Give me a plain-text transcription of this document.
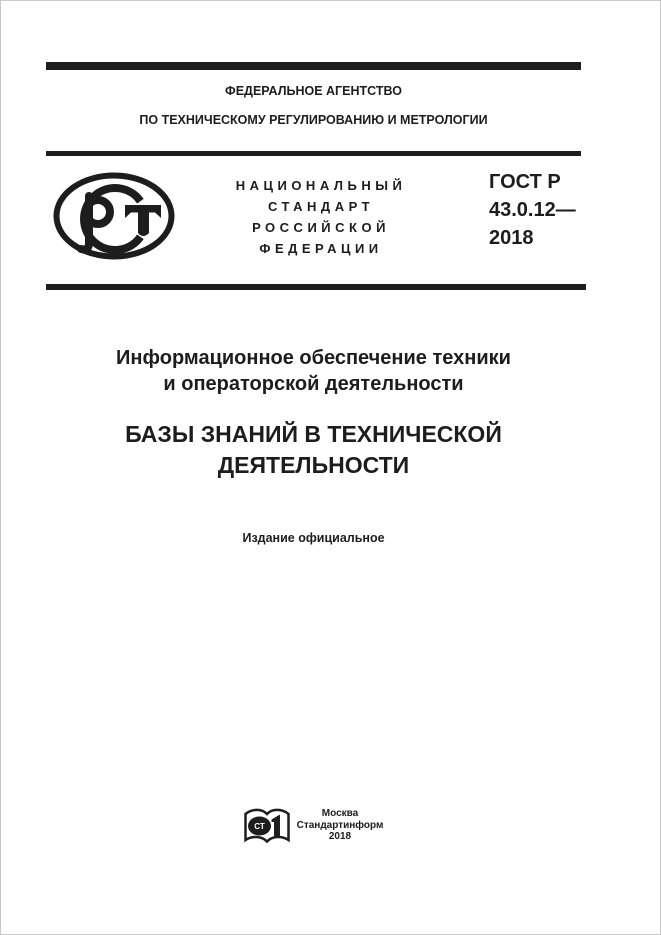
ФЕДЕРАЛЬНОЕ АГЕНТСТВО
ПО ТЕХНИЧЕСКОМУ РЕГУЛИРОВАНИЮ И МЕТРОЛОГИИ
НАЦИОНАЛЬНЫЙ
СТАНДАРТ
РОССИЙСКОЙ
ФЕДЕРАЦИИ
ГОСТ Р
43.0.12—
2018
Информационное обеспечение техники
и операторской деятельности
БАЗЫ ЗНАНИЙ В ТЕХНИЧЕСКОЙ
ДЕЯТЕЛЬНОСТИ
Издание официальное
СТ
Москва
Стандартинформ
2018
